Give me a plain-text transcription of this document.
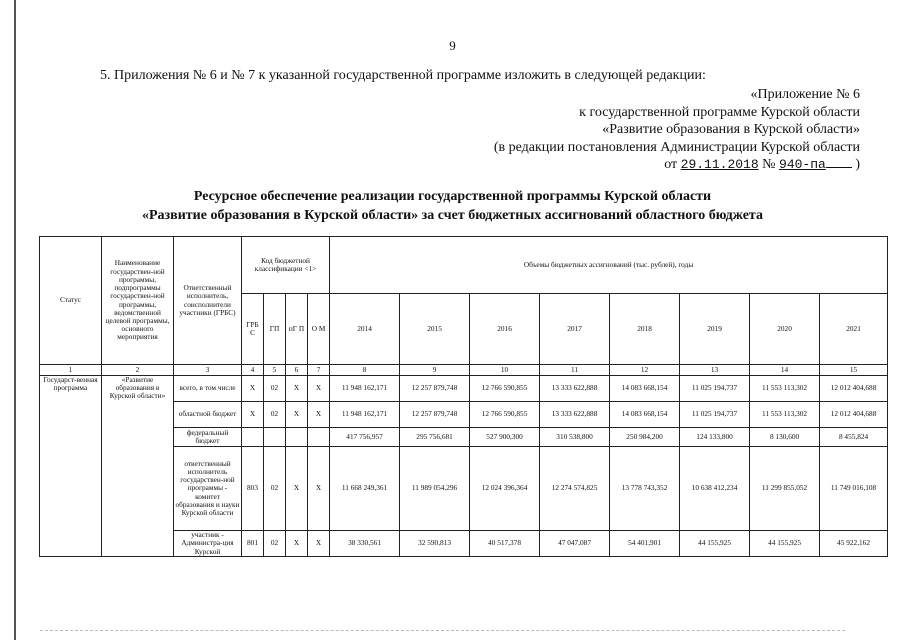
9
5. Приложения № 6 и № 7 к указанной государственной программе изложить в следующей редакции:
«Приложение № 6
к государственной программе Курской области
«Развитие образования в Курской области»
(в редакции постановления Администрации Курской области
от 29.11.2018 № 940-па )
Ресурсное обеспечение реализации государственной программы Курской области
«Развитие образования в Курской области» за счет бюджетных ассигнований областного бюджета
Статус	Наименование государствен-ной программы, подпрограммы государствен-ной программы, ведомственной целевой программы, основного мероприятия	Ответственный исполнитель, соисполнители участники (ГРБС)	Код бюджетной классификации <1>				Объемы бюджетных ассигнований (тыс. рублей), годы							
			ГРБ С	ГП	пГ П	О М	2014	2015	2016	2017	2018	2019	2020	2021
1	2	3	4	5	6	7	8	9	10	11	12	13	14	15
Государст-венная программа	«Развитие образования в Курской области»	всего, в том числе	Х	02	Х	Х	11 948 162,171	12 257 879,748	12 766 590,855	13 333 622,888	14 083 668,154	11 025 194,737	11 553 113,302	12 012 404,688
		областной бюджет	Х	02	Х	Х	11 948 162,171	12 257 879,748	12 766 590,855	13 333 622,888	14 083 668,154	11 025 194,737	11 553 113,302	12 012 404,688
		федеральный бюджет					417 756,957	295 756,681	527 900,300	310 538,800	250 984,200	124 133,800	8 130,600	8 455,824
		ответственный исполнитель государствен-ной программы - комитет образования и науки Курской области	803	02	Х	Х	11 668 249,361	11 989 054,296	12 024 396,364	12 274 574,825	13 778 743,352	10 638 412,234	11 299 855,052	11 749 016,108
		участник - Администра-ция Курской	801	02	Х	Х	38 330,561	32 590,813	40 517,378	47 047,087	54 401,901	44 155,925	44 155,925	45 922,162
